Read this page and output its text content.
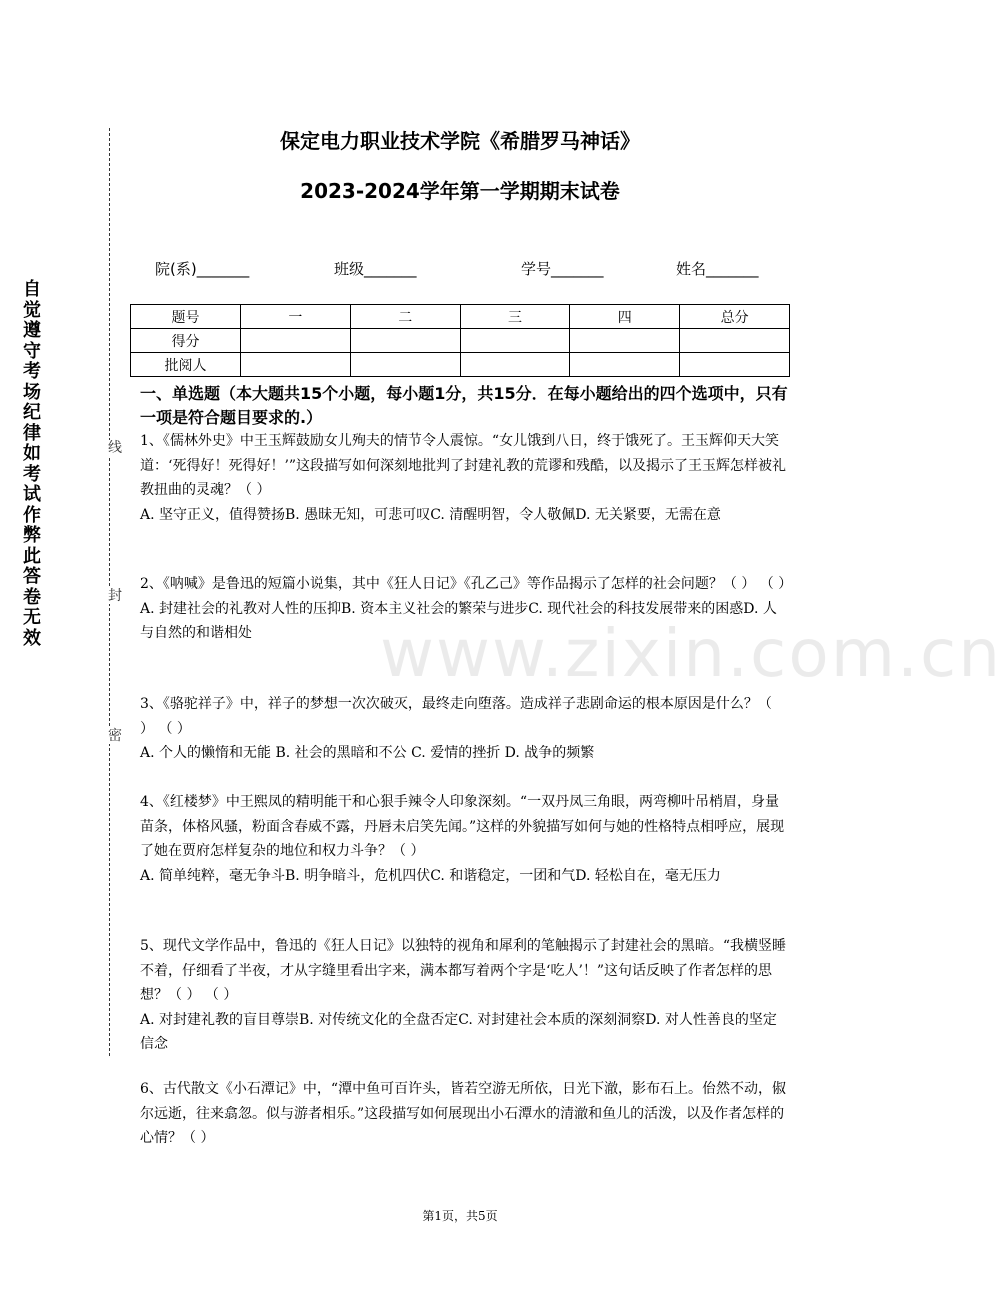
自觉遵守考场纪律如考试作弊此答卷无效
线
封
密
保定电力职业技术学院《希腊罗马神话》
2023-2024学年第一学期期末试卷
院(系)_______	班级_______	学号_______	姓名_______
题号	一	二	三	四	总分
得分					
批阅人					
一、单选题（本大题共15个小题，每小题1分，共15分．在每小题给出的四个选项中，只有一项是符合题目要求的.）

1、《儒林外史》中王玉辉鼓励女儿殉夫的情节令人震惊。“女儿饿到八日，终于饿死了。王玉辉仰天大笑道：‘死得好！死得好！’”这段描写如何深刻地批判了封建礼教的荒谬和残酷，以及揭示了王玉辉怎样被礼教扭曲的灵魂？（ ）

A. 坚守正义，值得赞扬B. 愚昧无知，可悲可叹C. 清醒明智，令人敬佩D. 无关紧要，无需在意

2、《呐喊》是鲁迅的短篇小说集，其中《狂人日记》《孔乙己》等作品揭示了怎样的社会问题？（ ） （ ）

A. 封建社会的礼教对人性的压抑B. 资本主义社会的繁荣与进步C. 现代社会的科技发展带来的困惑D. 人与自然的和谐相处

3、《骆驼祥子》中，祥子的梦想一次次破灭，最终走向堕落。造成祥子悲剧命运的根本原因是什么？（ ） （ ）

A. 个人的懒惰和无能 B. 社会的黑暗和不公 C. 爱情的挫折 D. 战争的频繁

4、《红楼梦》中王熙凤的精明能干和心狠手辣令人印象深刻。“一双丹凤三角眼，两弯柳叶吊梢眉，身量苗条，体格风骚，粉面含春威不露，丹唇未启笑先闻。”这样的外貌描写如何与她的性格特点相呼应，展现了她在贾府怎样复杂的地位和权力斗争？（ ）

A. 简单纯粹，毫无争斗B. 明争暗斗，危机四伏C. 和谐稳定，一团和气D. 轻松自在，毫无压力

5、现代文学作品中，鲁迅的《狂人日记》以独特的视角和犀利的笔触揭示了封建社会的黑暗。“我横竖睡不着，仔细看了半夜，才从字缝里看出字来，满本都写着两个字是‘吃人’！”这句话反映了作者怎样的思想？（ ） （ ）

A. 对封建礼教的盲目尊崇B. 对传统文化的全盘否定C. 对封建社会本质的深刻洞察D. 对人性善良的坚定信念

6、古代散文《小石潭记》中，“潭中鱼可百许头，皆若空游无所依，日光下澈，影布石上。佁然不动，俶尔远逝，往来翕忽。似与游者相乐。”这段描写如何展现出小石潭水的清澈和鱼儿的活泼，以及作者怎样的心情？（ ）

www.zixin.com.cn
第1页，共5页
